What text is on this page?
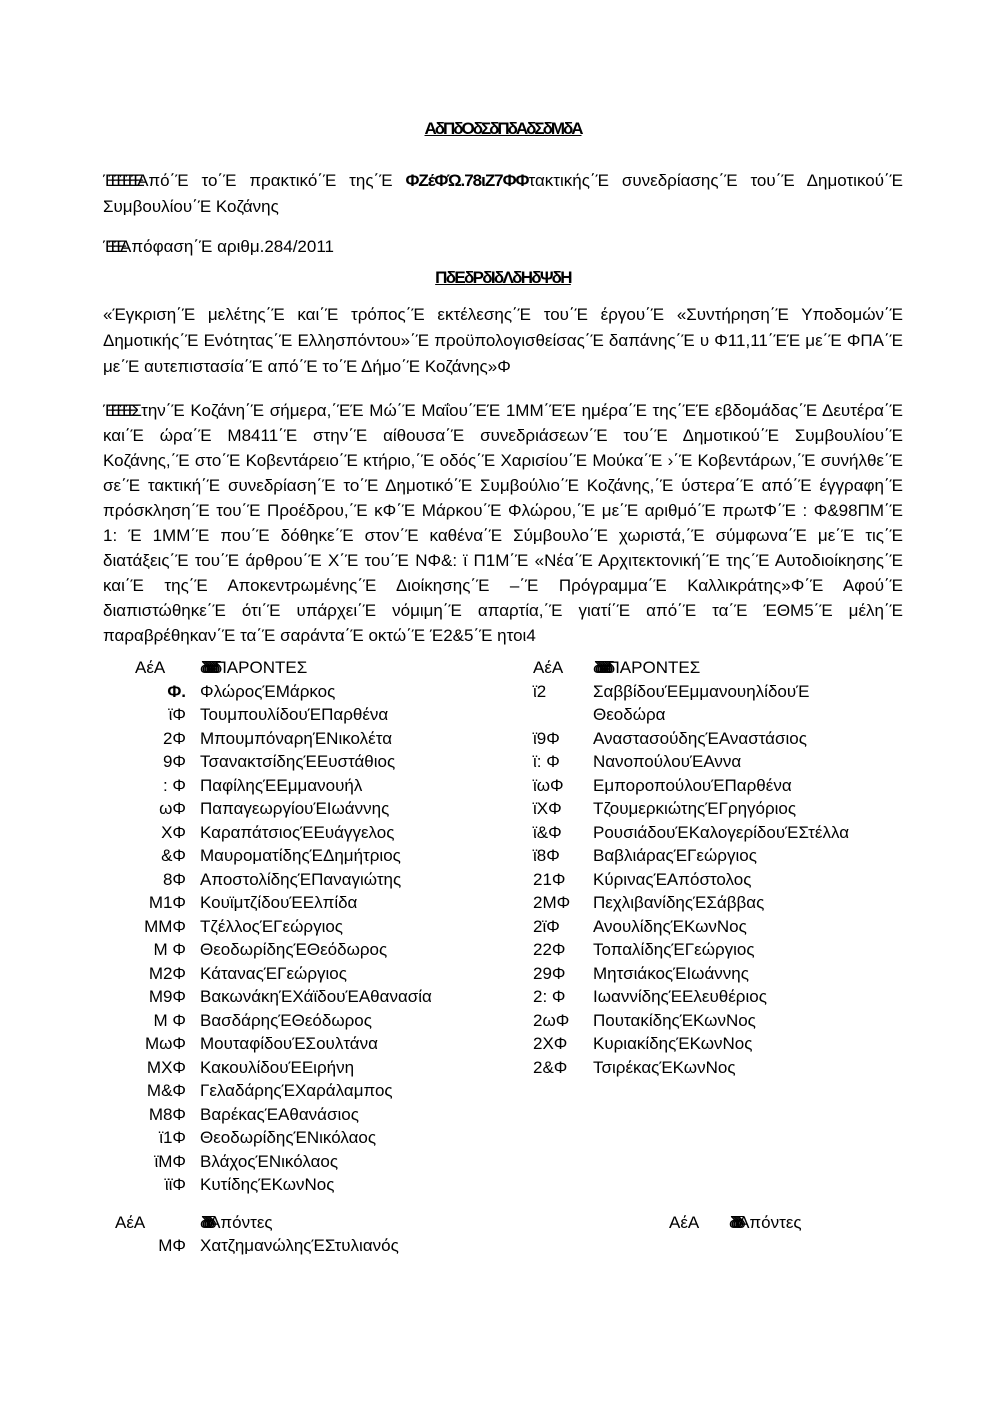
ΑδΠδΟδΣδΠδΑδΣδΜδΑ
ΈΈΈΈΈΈΑπό΄Έ το΄Έ πρακτικό΄Έ της΄Έ ΦΖέΦΏ.78ιΖ7ΦΦτακτικής΄Έ συνεδρίασης΄Έ του΄Έ Δημοτικού΄Έ Συμβουλίου΄Έ Κοζάνης
ΈΈΈΑπόφαση΄Έ αριθμ.284/2011
ΠδΕδΡδΙδΛδΗδΨδΗ
«Έγκριση΄Έ μελέτης΄Έ και΄Έ τρόπος΄Έ εκτέλεσης΄Έ του΄Έ έργου΄Έ «Συντήρηση΄Έ Υποδομών΄Έ Δημοτικής΄Έ Ενότητας΄Έ Ελλησπόντου»΄Έ προϋπολογισθείσας΄Έ δαπάνης΄Έ υ Φ11,11΄ΈΈ με΄Έ ΦΠΑ΄Έ με΄Έ αυτεπιστασία΄Έ από΄Έ το΄Έ Δήμο΄Έ Κοζάνης»Φ
ΈΈΈΈΈΣτην΄Έ Κοζάνη΄Έ σήμερα,΄ΈΈ Μώ΄Έ Μαΐου΄ΈΈ 1ΜΜ΄ΈΈ ημέρα΄Έ της΄ΈΈ εβδομάδας΄Έ Δευτέρα΄Έ και΄Έ ώρα΄Έ Μ8411΄Έ στην΄Έ αίθουσα΄Έ συνεδριάσεων΄Έ του΄Έ Δημοτικού΄Έ Συμβουλίου΄Έ Κοζάνης,΄Έ στο΄Έ Κοβεντάρειο΄Έ κτήριο,΄Έ οδός΄Έ Χαρισίου΄Έ Μούκα΄Έ ›΄Έ Κοβεντάρων,΄Έ συνήλθε΄Έ σε΄Έ τακτική΄Έ συνεδρίαση΄Έ το΄Έ Δημοτικό΄Έ Συμβούλιο΄Έ Κοζάνης,΄Έ ύστερα΄Έ από΄Έ έγγραφη΄Έ πρόσκληση΄Έ του΄Έ Προέδρου,΄Έ κΦ΄Έ Μάρκου΄Έ Φλώρου,΄Έ με΄Έ αριθμό΄Έ πρωτΦ΄Έ : Φ&98ΠΜ΄Έ 1: Έ 1ΜΜ΄Έ που΄Έ δόθηκε΄Έ στον΄Έ καθένα΄Έ Σύμβουλο΄Έ χωριστά,΄Έ σύμφωνα΄Έ με΄Έ τις΄Έ διατάξεις΄Έ του΄Έ άρθρου΄Έ Χ΄Έ του΄Έ ΝΦ&: ϊ Π1Μ΄Έ «Νέα΄Έ Αρχιτεκτονική΄Έ της΄Έ Αυτοδιοίκησης΄Έ και΄Έ της΄Έ Αποκεντρωμένης΄Έ Διοίκησης΄Έ –΄Έ Πρόγραμμα΄Έ Καλλικράτης»Φ΄Έ Αφού΄Έ διαπιστώθηκε΄Έ ότι΄Έ υπάρχει΄Έ νόμιμη΄Έ απαρτία,΄Έ γιατί΄Έ από΄Έ τα΄Έ ΈΘΜ5΄Έ μέλη΄Έ παραβρέθηκαν΄Έ τα΄Έ σαράντα΄Έ οκτώ΄Έ Έ2&5΄Έ ητοι4
ΑέΑ	δδδδδδδδΠΑΡΟΝΤΕΣ
Φ. ΦλώροςΈΜάρκος
ϊΦ ΤουμπουλίδουΈΠαρθένα
2Φ ΜπουμπόναρηΈΝικολέτα
9Φ ΤσανακτσίδηςΈΕυστάθιος
: Φ ΠαφίληςΈΕμμανουήλ
ωΦ ΠαπαγεωργίουΈΙωάννης
ΧΦ ΚαραπάτσιοςΈΕυάγγελος
&Φ ΜαυροματίδηςΈΔημήτριος
8Φ ΑποστολίδηςΈΠαναγιώτης
Μ1Φ ΚουϊμτζίδουΈΕλπίδα
ΜΜΦ ΤζέλλοςΈΓεώργιος
Μ Φ ΘεοδωρίδηςΈΘεόδωρος
Μ2Φ ΚάταναςΈΓεώργιος
Μ9Φ ΒακωνάκηΈΧάϊδουΈΑθανασία
Μ Φ ΒασδάρηςΈΘεόδωρος
ΜωΦ ΜουταφίδουΈΣουλτάνα
ΜΧΦ ΚακουλίδουΈΕιρήνη
Μ&Φ ΓελαδάρηςΈΧαράλαμπος
Μ8Φ ΒαρέκαςΈΑθανάσιος
ϊ1Φ ΘεοδωρίδηςΈΝικόλαος
ϊΜΦ ΒλάχοςΈΝικόλαος
ϊϊΦ ΚυτίδηςΈΚωνΝος
ΑέΑ	δδδδδδδδΠΑΡΟΝΤΕΣ
ϊ2	ΣαββίδουΈΕμμανουηλίδουΈ
Θεοδώρα
ϊ9Φ	ΑναστασούδηςΈΑναστάσιος
ϊ: Φ	ΝανοπούλουΈΑννα
ϊωΦ	ΕμποροπούλουΈΠαρθένα
ϊΧΦ	ΤζουμερκιώτηςΈΓρηγόριος
ϊ&Φ	ΡουσιάδουΈΚαλογερίδουΈΣτέλλα
ϊ8Φ	ΒαβλιάραςΈΓεώργιος
21Φ	ΚύριναςΈΑπόστολος
2ΜΦ	ΠεχλιβανίδηςΈΣάββας
2ϊΦ	ΑνουλίδηςΈΚωνΝος
22Φ	ΤοπαλίδηςΈΓεώργιος
29Φ	ΜητσιάκοςΈΙωάννης
2: Φ	ΙωαννίδηςΈΕλευθέριος
2ωΦ	ΠουτακίδηςΈΚωνΝος
2ΧΦ	ΚυριακίδηςΈΚωνΝος
2&Φ	ΤσιρέκαςΈΚωνΝος
ΑέΑ	δδδδδΑπόντες
ΜΦ ΧατζημανώληςΈΣτυλιανός
ΑέΑ	δδδδδΑπόντες
